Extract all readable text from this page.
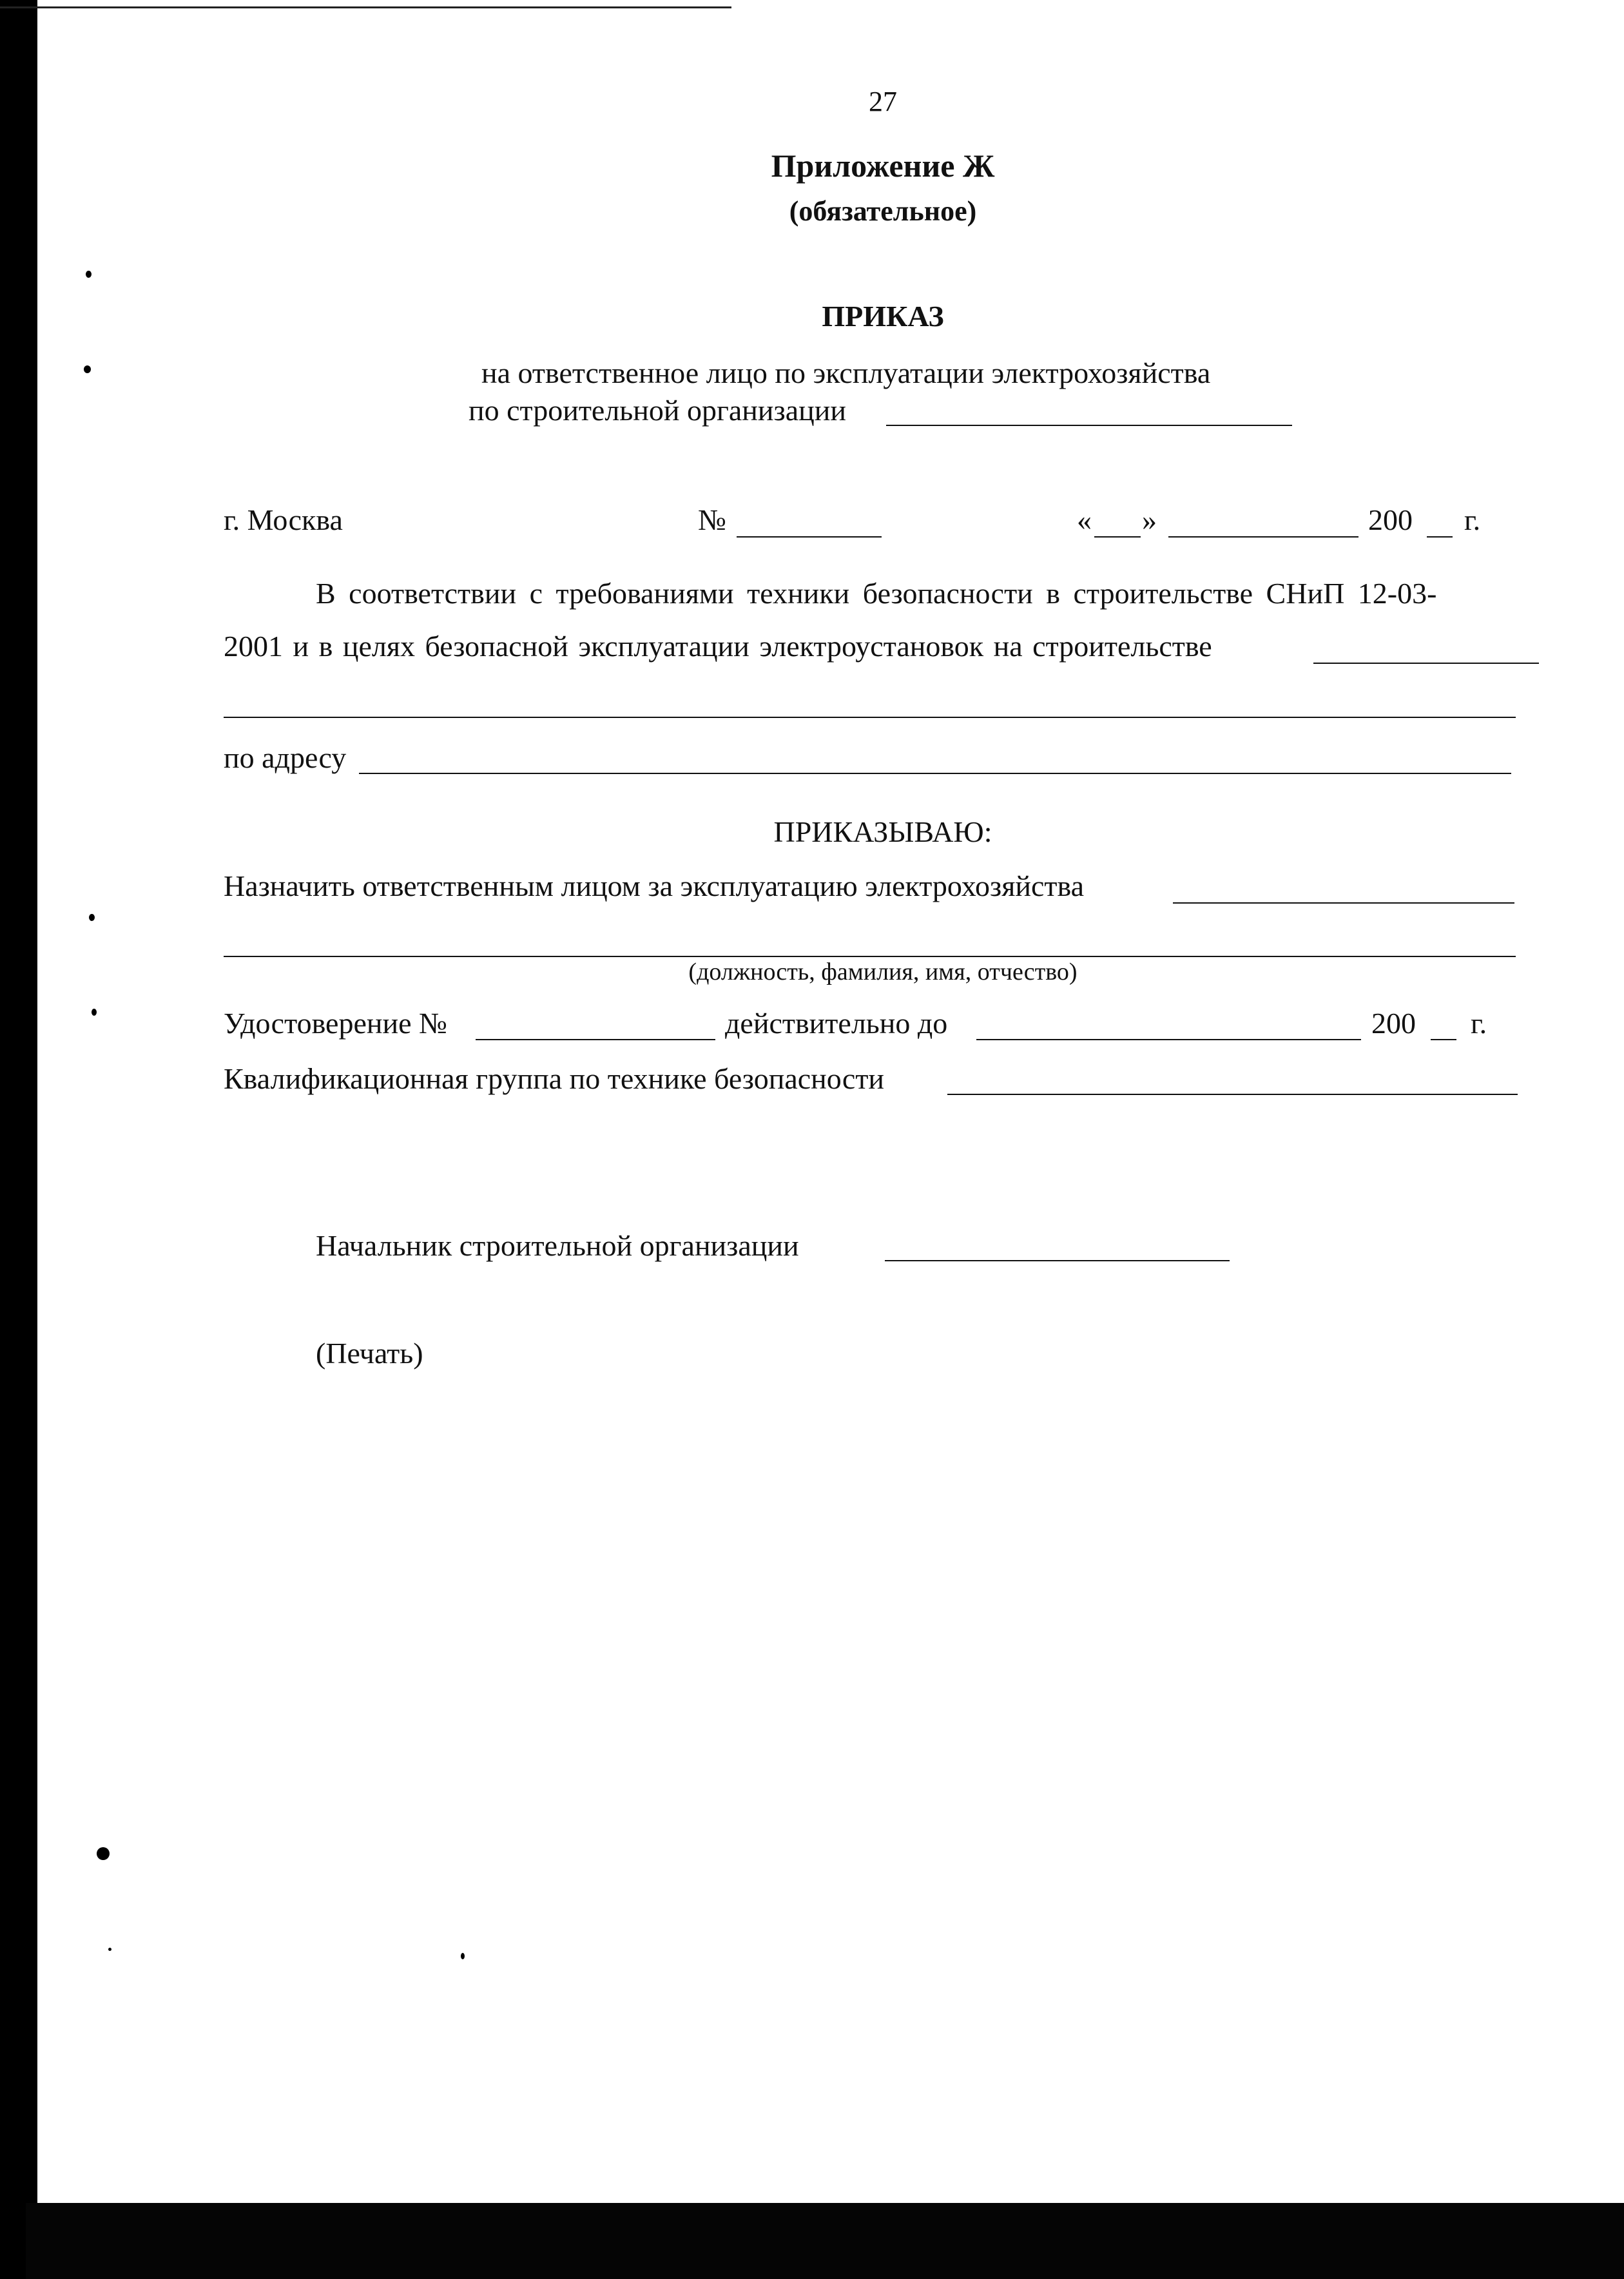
27
Приложение Ж
(обязательное)
ПРИКАЗ
на ответственное лицо по эксплуатации электрохозяйства
по строительной организации
г. Москва	№	« »	200 г.
В соответствии с требованиями техники безопасности в строительстве СНиП 12-03-
2001 и в целях безопасной эксплуатации электроустановок на строительстве
по адресу
ПРИКАЗЫВАЮ:
Назначить ответственным лицом за эксплуатацию электрохозяйства
(должность, фамилия, имя, отчество)
Удостоверение №	действительно до	200 г.
Квалификационная группа по технике безопасности
Начальник строительной организации
(Печать)
